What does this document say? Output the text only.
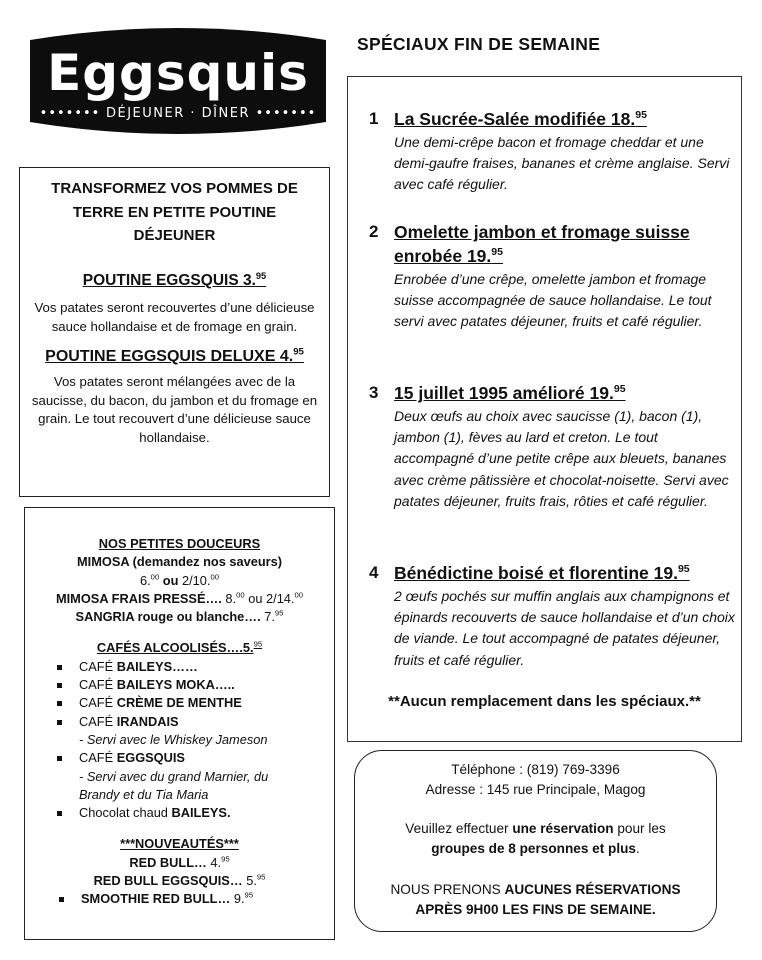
Eggsquis
••••••• DÉJEUNER · DÎNER •••••••
TRANSFORMEZ VOS POMMES DE
TERRE EN PETITE POUTINE DÉJEUNER
POUTINE EGGSQUIS 3.95
Vos patates seront recouvertes d’une délicieuse sauce hollandaise et de fromage en grain.
POUTINE EGGSQUIS DELUXE 4.95
Vos patates seront mélangées avec de la saucisse, du bacon, du jambon et du fromage en grain. Le tout recouvert d’une délicieuse sauce hollandaise.
NOS PETITES DOUCEURS
MIMOSA (demandez nos saveurs)
6.00 ou 2/10.00
MIMOSA FRAIS PRESSÉ…. 8.00 ou 2/14.00
SANGRIA rouge ou blanche…. 7.95
CAFÉS ALCOOLISÉS….5.95
CAFÉ BAILEYS……
CAFÉ BAILEYS MOKA…..
CAFÉ CRÈME DE MENTHE
CAFÉ IRANDAIS
- Servi avec le Whiskey Jameson
CAFÉ EGGSQUIS
- Servi avec du grand Marnier, du
Brandy et du Tia Maria
Chocolat chaud BAILEYS.
***NOUVEAUTÉS***
RED BULL… 4.95
RED BULL EGGSQUIS… 5.95
SMOOTHIE RED BULL… 9.95
SPÉCIAUX FIN DE SEMAINE
1 La Sucrée-Salée modifiée 18.95
Une demi-crêpe bacon et fromage cheddar et une demi-gaufre fraises, bananes et crème anglaise. Servi avec café régulier.
2 Omelette jambon et fromage suisse enrobée 19.95
Enrobée d’une crêpe, omelette jambon et fromage suisse accompagnée de sauce hollandaise. Le tout servi avec patates déjeuner, fruits et café régulier.
3 15 juillet 1995 amélioré 19.95
Deux œufs au choix avec saucisse (1), bacon (1), jambon (1), fèves au lard et creton. Le tout accompagné d’une petite crêpe aux bleuets, bananes avec crème pâtissière et chocolat-noisette. Servi avec patates déjeuner, fruits frais, rôties et café régulier.
4 Bénédictine boisé et florentine 19.95
2 œufs pochés sur muffin anglais aux champignons et épinards recouverts de sauce hollandaise et d’un choix de viande. Le tout accompagné de patates déjeuner, fruits et café régulier.
**Aucun remplacement dans les spéciaux.**
Téléphone : (819) 769-3396
Adresse : 145 rue Principale, Magog
Veuillez effectuer une réservation pour les
groupes de 8 personnes et plus.
NOUS PRENONS AUCUNES RÉSERVATIONS
APRÈS 9H00 LES FINS DE SEMAINE.
